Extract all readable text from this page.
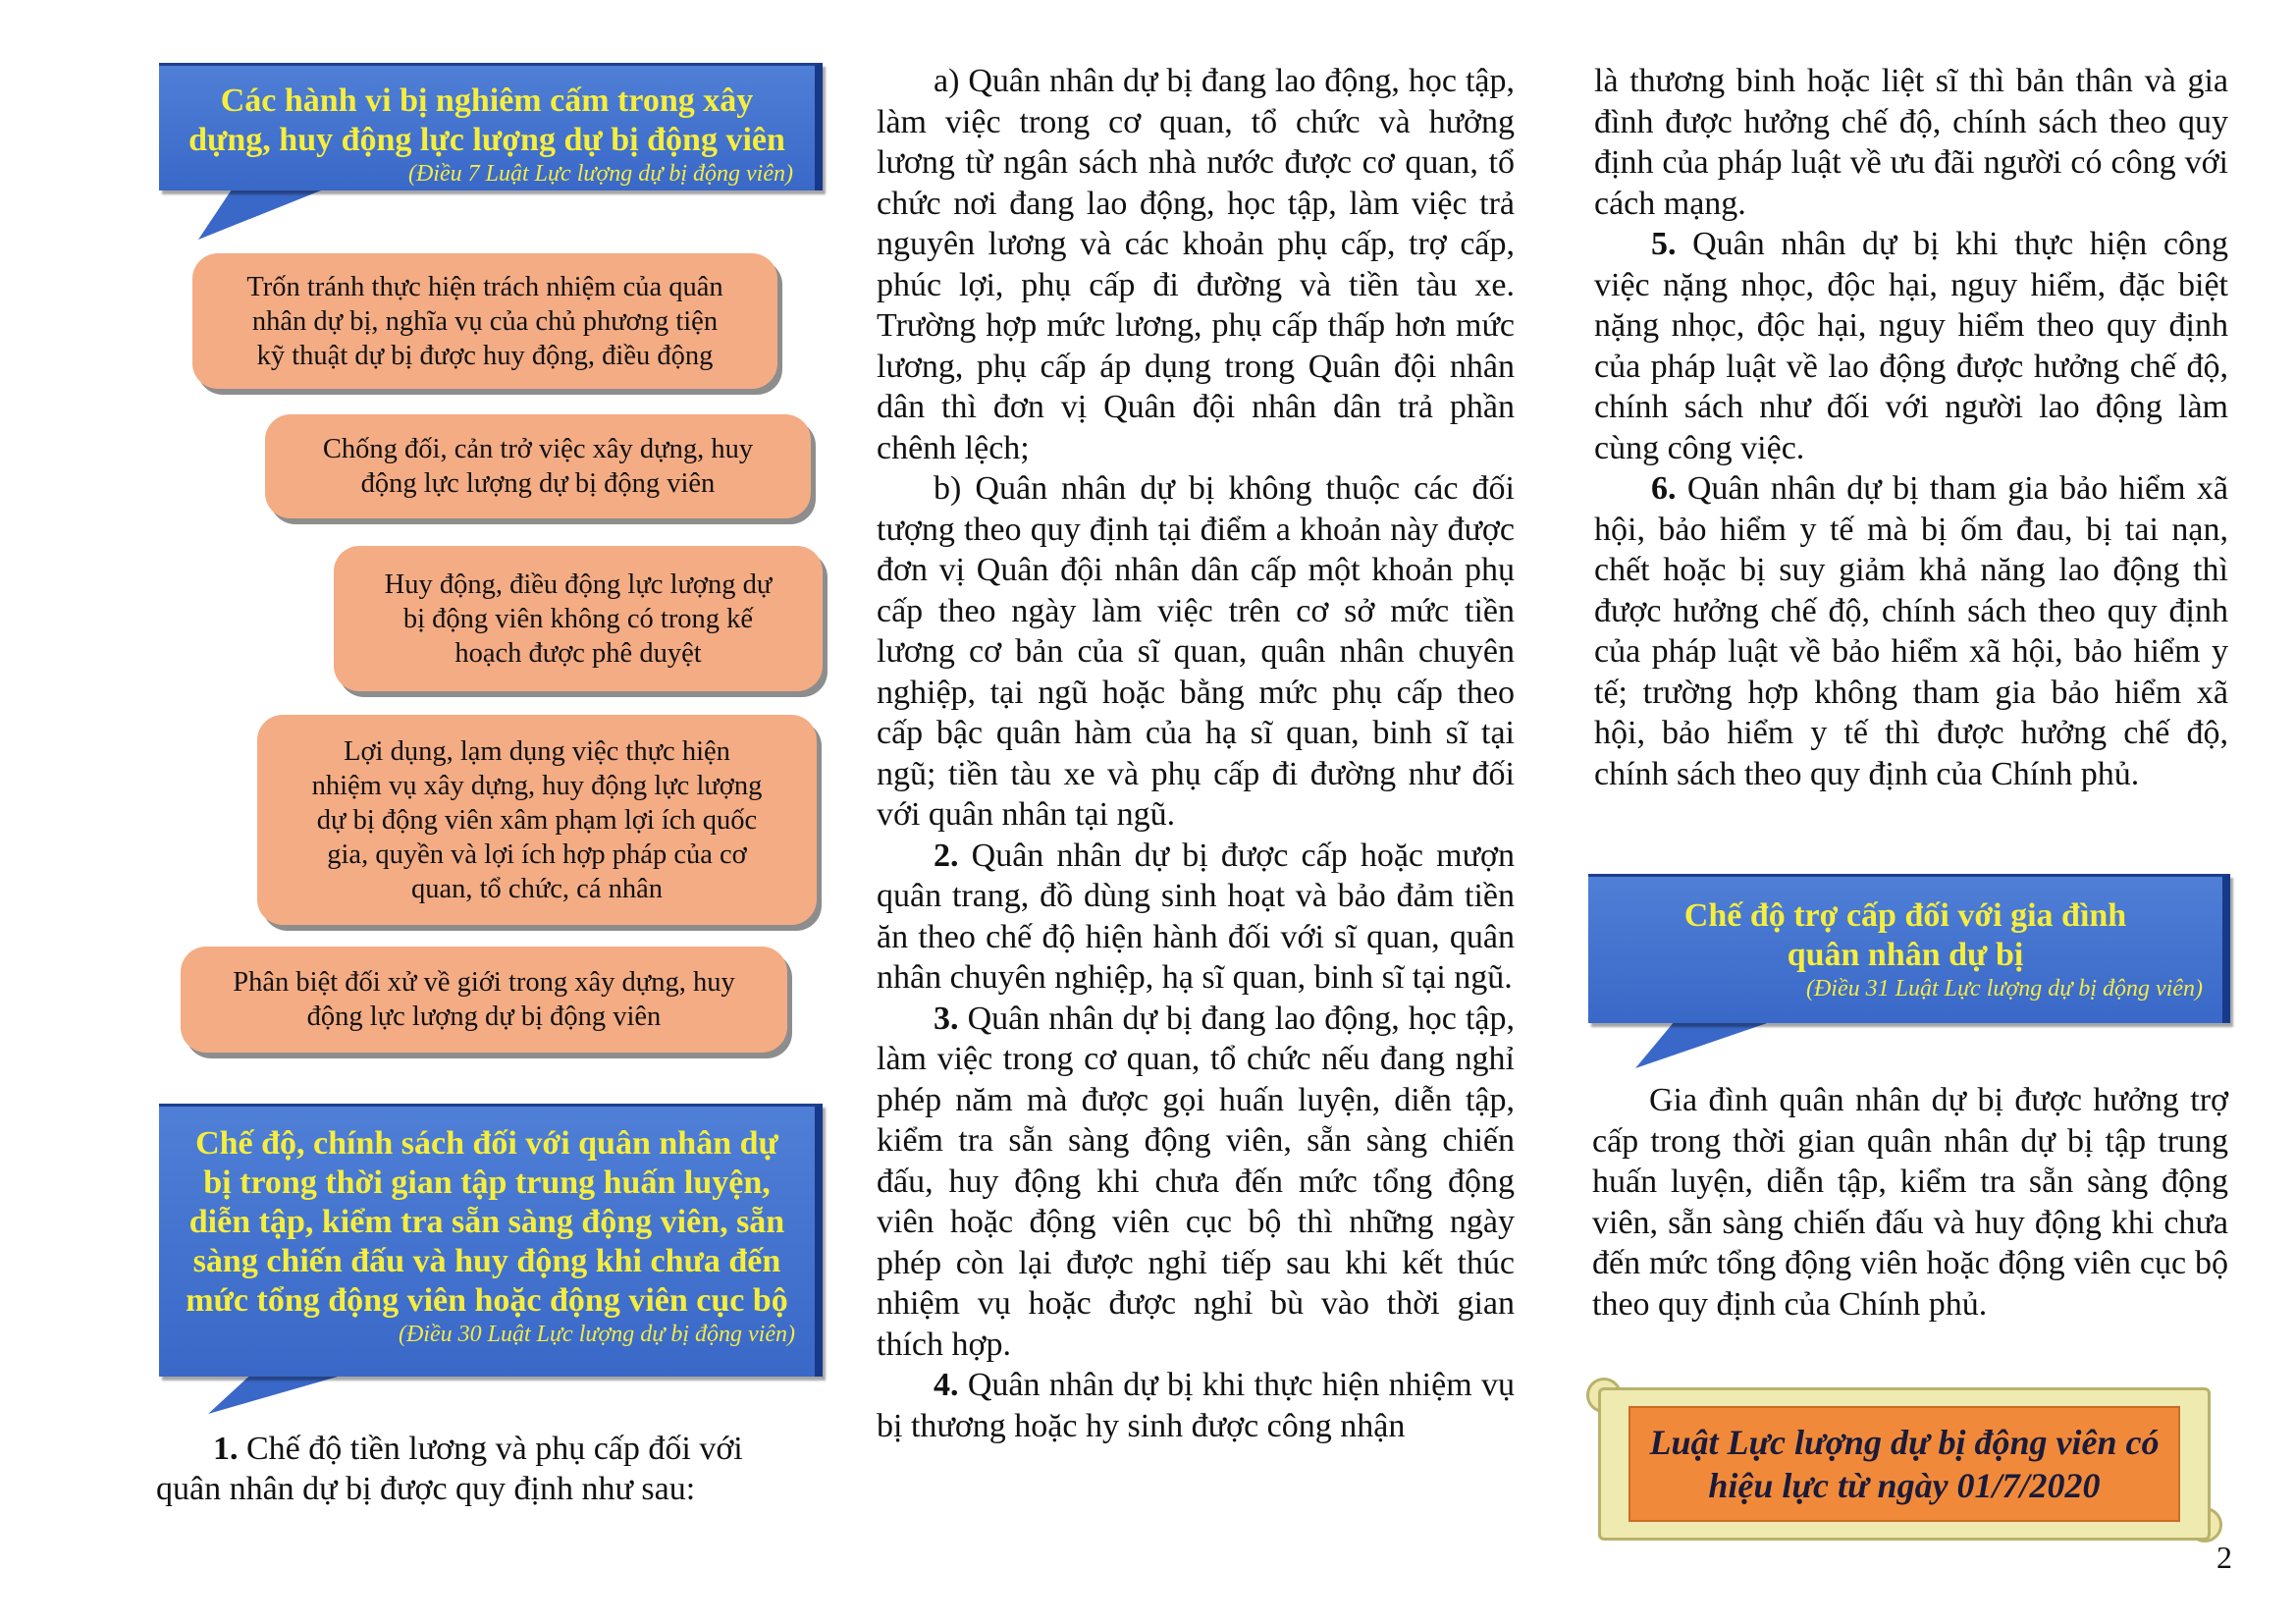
Các hành vi bị nghiêm cấm trong xây
dựng, huy động lực lượng dự bị động viên
(Điều 7 Luật Lực lượng dự bị động viên)
Trốn tránh thực hiện trách nhiệm của quân
nhân dự bị, nghĩa vụ của chủ phương tiện
kỹ thuật dự bị được huy động, điều động
Chống đối, cản trở việc xây dựng, huy
động lực lượng dự bị động viên
Huy động, điều động lực lượng dự
bị động viên không có trong kế
hoạch được phê duyệt
Lợi dụng, lạm dụng việc thực hiện
nhiệm vụ xây dựng, huy động lực lượng
dự bị động viên xâm phạm lợi ích quốc
gia, quyền và lợi ích hợp pháp của cơ
quan, tổ chức, cá nhân
Phân biệt đối xử về giới trong xây dựng, huy
động lực lượng dự bị động viên
Chế độ, chính sách đối với quân nhân dự
bị trong thời gian tập trung huấn luyện,
diễn tập, kiểm tra sẵn sàng động viên, sẵn
sàng chiến đấu và huy động khi chưa đến
mức tổng động viên hoặc động viên cục bộ
(Điều 30 Luật Lực lượng dự bị động viên)

1. Chế độ tiền lương và phụ cấp đối với quân nhân dự bị được quy định như sau:

a) Quân nhân dự bị đang lao động, học tập, làm việc trong cơ quan, tổ chức và hưởng lương từ ngân sách nhà nước được cơ quan, tổ chức nơi đang lao động, học tập, làm việc trả nguyên lương và các khoản phụ cấp, trợ cấp, phúc lợi, phụ cấp đi đường và tiền tàu xe. Trường hợp mức lương, phụ cấp thấp hơn mức lương, phụ cấp áp dụng trong Quân đội nhân dân thì đơn vị Quân đội nhân dân trả phần chênh lệch;

b) Quân nhân dự bị không thuộc các đối tượng theo quy định tại điểm a khoản này được đơn vị Quân đội nhân dân cấp một khoản phụ cấp theo ngày làm việc trên cơ sở mức tiền lương cơ bản của sĩ quan, quân nhân chuyên nghiệp, tại ngũ hoặc bằng mức phụ cấp theo cấp bậc quân hàm của hạ sĩ quan, binh sĩ tại ngũ; tiền tàu xe và phụ cấp đi đường như đối với quân nhân tại ngũ.

2. Quân nhân dự bị được cấp hoặc mượn quân trang, đồ dùng sinh hoạt và bảo đảm tiền ăn theo chế độ hiện hành đối với sĩ quan, quân nhân chuyên nghiệp, hạ sĩ quan, binh sĩ tại ngũ.

3. Quân nhân dự bị đang lao động, học tập, làm việc trong cơ quan, tổ chức nếu đang nghỉ phép năm mà được gọi huấn luyện, diễn tập, kiểm tra sẵn sàng động viên, sẵn sàng chiến đấu, huy động khi chưa đến mức tổng động viên hoặc động viên cục bộ thì những ngày phép còn lại được nghỉ tiếp sau khi kết thúc nhiệm vụ hoặc được nghỉ bù vào thời gian thích hợp.

4. Quân nhân dự bị khi thực hiện nhiệm vụ bị thương hoặc hy sinh được công nhận

là thương binh hoặc liệt sĩ thì bản thân và gia đình được hưởng chế độ, chính sách theo quy định của pháp luật về ưu đãi người có công với cách mạng.

5. Quân nhân dự bị khi thực hiện công việc nặng nhọc, độc hại, nguy hiểm, đặc biệt nặng nhọc, độc hại, nguy hiểm theo quy định của pháp luật về lao động được hưởng chế độ, chính sách như đối với người lao động làm cùng công việc.

6. Quân nhân dự bị tham gia bảo hiểm xã hội, bảo hiểm y tế mà bị ốm đau, bị tai nạn, chết hoặc bị suy giảm khả năng lao động thì được hưởng chế độ, chính sách theo quy định của pháp luật về bảo hiểm xã hội, bảo hiểm y tế; trường hợp không tham gia bảo hiểm xã hội, bảo hiểm y tế thì được hưởng chế độ, chính sách theo quy định của Chính phủ.

Chế độ trợ cấp đối với gia đình
quân nhân dự bị
(Điều 31 Luật Lực lượng dự bị động viên)

Gia đình quân nhân dự bị được hưởng trợ cấp trong thời gian quân nhân dự bị tập trung huấn luyện, diễn tập, kiểm tra sẵn sàng động viên, sẵn sàng chiến đấu và huy động khi chưa đến mức tổng động viên hoặc động viên cục bộ theo quy định của Chính phủ.

Luật Lực lượng dự bị động viên có
hiệu lực từ ngày 01/7/2020
2
